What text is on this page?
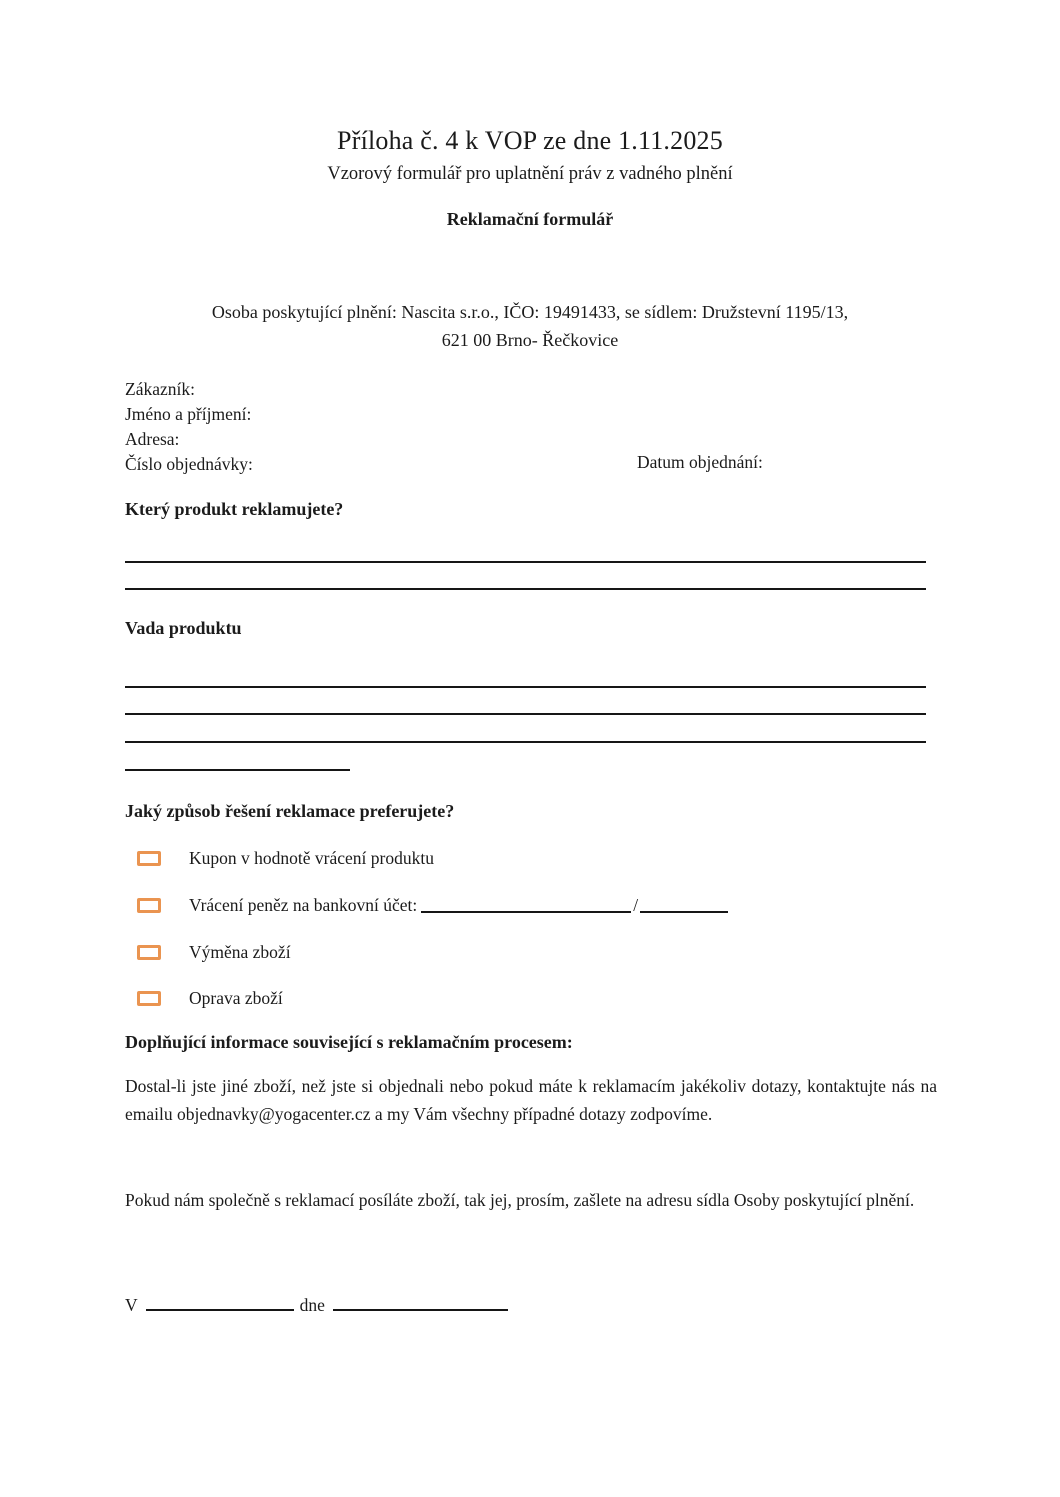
Příloha č. 4 k VOP ze dne 1.11.2025
Vzorový formulář pro uplatnění práv z vadného plnění
Reklamační formulář
Osoba poskytující plnění: Nascita s.r.o., IČO: 19491433, se sídlem: Družstevní 1195/13,
621 00 Brno- Řečkovice
Zákazník:
Jméno a příjmení:
Adresa:
Číslo objednávky:	Datum objednání:
Který produkt reklamujete?
Vada produktu
Jaký způsob řešení reklamace preferujete?
Kupon v hodnotě vrácení produktu
Vrácení peněz na bankovní účet:	/
Výměna zboží
Oprava zboží
Doplňující informace související s reklamačním procesem:
Dostal-li jste jiné zboží, než jste si objednali nebo pokud máte k reklamacím jakékoliv dotazy, kontaktujte nás na emailu objednavky@yogacenter.cz a my Vám všechny případné dotazy zodpovíme.
Pokud nám společně s reklamací posíláte zboží, tak jej, prosím, zašlete na adresu sídla Osoby poskytující plnění.
V	dne
